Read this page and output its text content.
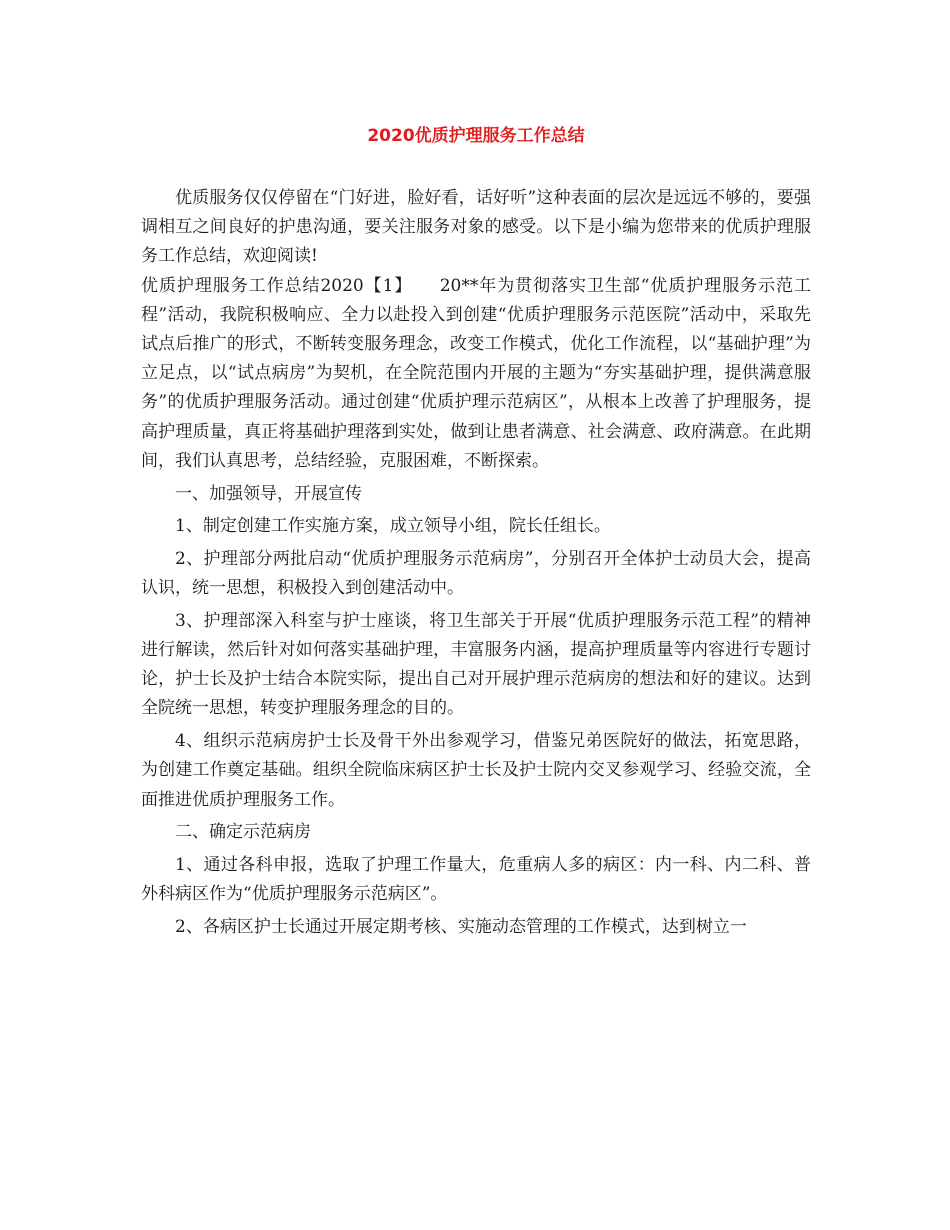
2020优质护理服务工作总结

优质服务仅仅停留在“门好进，脸好看，话好听”这种表面的层次是远远不够的，要强调相互之间良好的护患沟通，要关注服务对象的感受。以下是小编为您带来的优质护理服务工作总结，欢迎阅读!

优质护理服务工作总结2020【1】　　20**年为贯彻落实卫生部“优质护理服务示范工程”活动，我院积极响应、全力以赴投入到创建“优质护理服务示范医院”活动中，采取先试点后推广的形式，不断转变服务理念，改变工作模式，优化工作流程，以“基础护理”为立足点，以“试点病房”为契机，在全院范围内开展的主题为“夯实基础护理，提供满意服务”的优质护理服务活动。通过创建“优质护理示范病区”，从根本上改善了护理服务，提高护理质量，真正将基础护理落到实处，做到让患者满意、社会满意、政府满意。在此期间，我们认真思考，总结经验，克服困难，不断探索。

一、加强领导，开展宣传

1、制定创建工作实施方案，成立领导小组，院长任组长。

2、护理部分两批启动“优质护理服务示范病房”，分别召开全体护士动员大会，提高认识，统一思想，积极投入到创建活动中。

3、护理部深入科室与护士座谈，将卫生部关于开展“优质护理服务示范工程”的精神进行解读，然后针对如何落实基础护理，丰富服务内涵，提高护理质量等内容进行专题讨论，护士长及护士结合本院实际，提出自己对开展护理示范病房的想法和好的建议。达到全院统一思想，转变护理服务理念的目的。

4、组织示范病房护士长及骨干外出参观学习，借鉴兄弟医院好的做法，拓宽思路，为创建工作奠定基础。组织全院临床病区护士长及护士院内交叉参观学习、经验交流，全面推进优质护理服务工作。

二、确定示范病房

1、通过各科申报，选取了护理工作量大，危重病人多的病区：内一科、内二科、普外科病区作为“优质护理服务示范病区”。

2、各病区护士长通过开展定期考核、实施动态管理的工作模式，达到树立一
